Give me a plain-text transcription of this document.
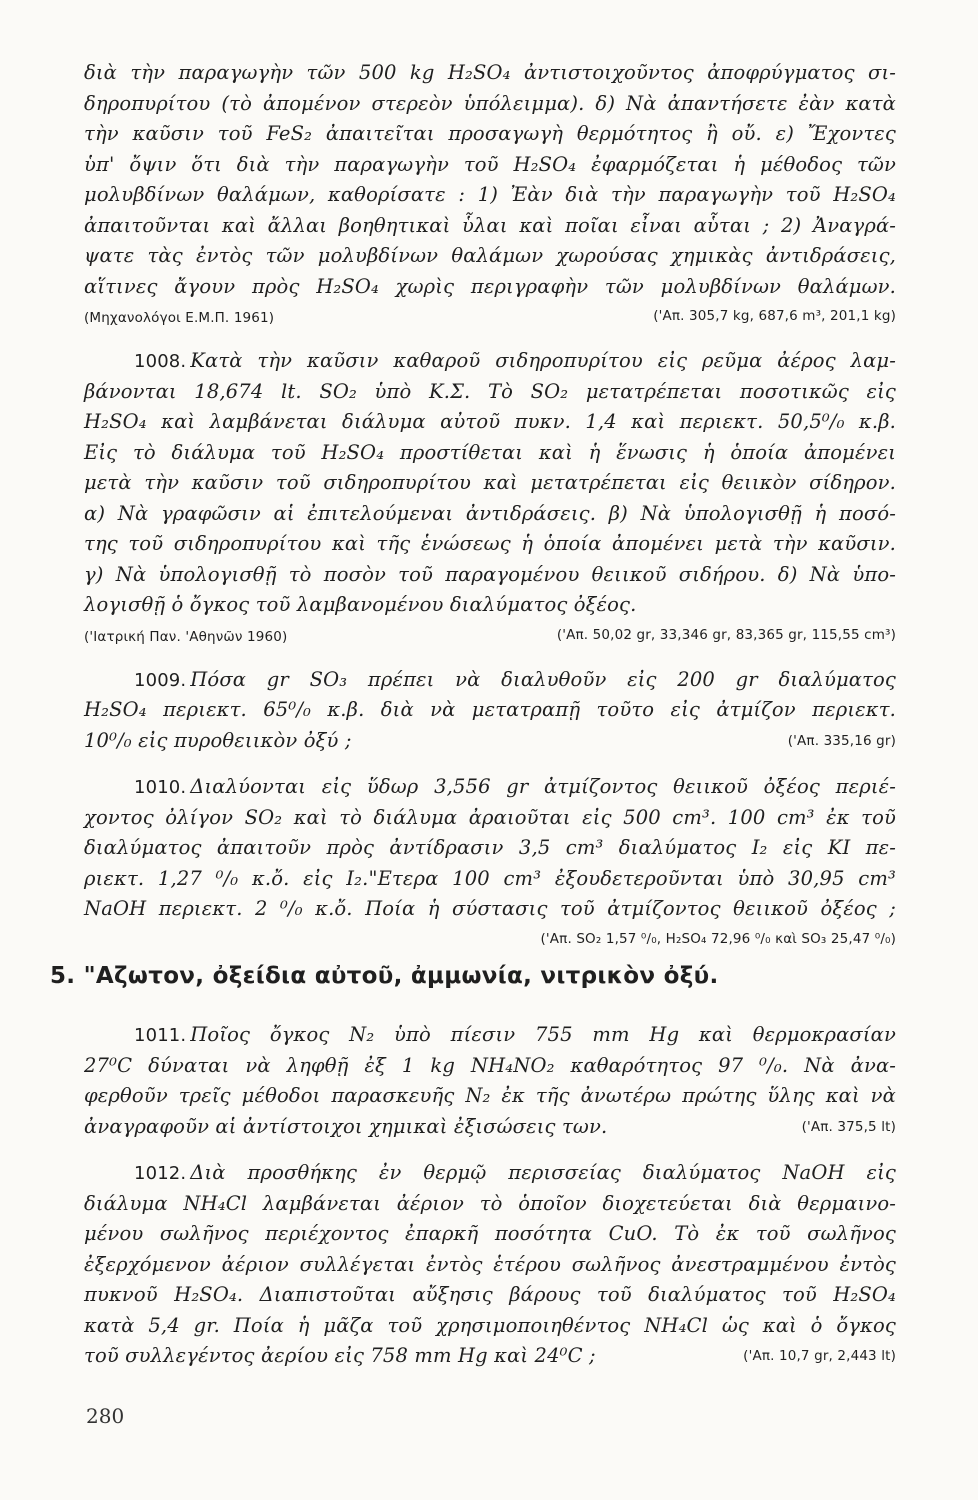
διὰ τὴν παραγωγὴν τῶν 500 kg H₂SO₄ ἀντιστοιχοῦντος ἀποφρύγματος σι-
δηροπυρίτου (τὸ ἀπομένον στερεὸν ὑπόλειμμα). δ) Νὰ ἀπαντήσετε ἐὰν κατὰ
τὴν καῦσιν τοῦ FeS₂ ἀπαιτεῖται προσαγωγὴ θερμότητος ἢ οὔ. ε) Ἔχοντες
ὑπ' ὄψιν ὅτι διὰ τὴν παραγωγὴν τοῦ H₂SO₄ ἐφαρμόζεται ἡ μέθοδος τῶν
μολυβδίνων θαλάμων, καθορίσατε : 1) Ἐὰν διὰ τὴν παραγωγὴν τοῦ H₂SO₄
ἀπαιτοῦνται καὶ ἄλλαι βοηθητικαὶ ὗλαι καὶ ποῖαι εἶναι αὗται ; 2) Ἀναγρά-
ψατε τὰς ἐντὸς τῶν μολυβδίνων θαλάμων χωρούσας χημικὰς ἀντιδράσεις,
αἵτινες ἄγουν πρὸς H₂SO₄ χωρὶς περιγραφὴν τῶν μολυβδίνων θαλάμων.
(Μηχανολόγοι Ε.Μ.Π. 1961)	('Απ. 305,7 kg, 687,6 m³, 201,1 kg)
1008. Κατὰ τὴν καῦσιν καθαροῦ σιδηροπυρίτου εἰς ρεῦμα ἀέρος λαμ-
βάνονται 18,674 lt. SO₂ ὑπὸ Κ.Σ. Τὸ SO₂ μετατρέπεται ποσοτικῶς εἰς
H₂SO₄ καὶ λαμβάνεται διάλυμα αὐτοῦ πυκν. 1,4 καὶ περιεκτ. 50,5⁰/₀ κ.β.
Εἰς τὸ διάλυμα τοῦ H₂SO₄ προστίθεται καὶ ἡ ἕνωσις ἡ ὁποία ἀπομένει
μετὰ τὴν καῦσιν τοῦ σιδηροπυρίτου καὶ μετατρέπεται εἰς θειικὸν σίδηρον.
α) Νὰ γραφῶσιν αἱ ἐπιτελούμεναι ἀντιδράσεις. β) Νὰ ὑπολογισθῇ ἡ ποσό-
της τοῦ σιδηροπυρίτου καὶ τῆς ἑνώσεως ἡ ὁποία ἀπομένει μετὰ τὴν καῦσιν.
γ) Νὰ ὑπολογισθῇ τὸ ποσὸν τοῦ παραγομένου θειικοῦ σιδήρου. δ) Νὰ ὑπο-
λογισθῇ ὁ ὄγκος τοῦ λαμβανομένου διαλύματος ὀξέος.
('Ιατρική Παν. 'Αθηνῶν 1960)	('Απ. 50,02 gr, 33,346 gr, 83,365 gr, 115,55 cm³)
1009. Πόσα gr SO₃ πρέπει νὰ διαλυθοῦν εἰς 200 gr διαλύματος
H₂SO₄ περιεκτ. 65⁰/₀ κ.β. διὰ νὰ μετατραπῇ τοῦτο εἰς ἀτμίζον περιεκτ.
10⁰/₀ εἰς πυροθειικὸν ὀξύ ;	('Απ. 335,16 gr)
1010. Διαλύονται εἰς ὕδωρ 3,556 gr ἀτμίζοντος θειικοῦ ὀξέος περιέ-
χοντος ὀλίγον SO₂ καὶ τὸ διάλυμα ἀραιοῦται εἰς 500 cm³. 100 cm³ ἐκ τοῦ
διαλύματος ἀπαιτοῦν πρὸς ἀντίδρασιν 3,5 cm³ διαλύματος I₂ εἰς KI πε-
ριεκτ. 1,27 ⁰/₀ κ.ὄ. εἰς I₂."Ετερα 100 cm³ ἐξουδετεροῦνται ὑπὸ 30,95 cm³
NaOH περιεκτ. 2 ⁰/₀ κ.ὄ. Ποία ἡ σύστασις τοῦ ἀτμίζοντος θειικοῦ ὀξέος ;
('Απ. SO₂ 1,57 ⁰/₀, H₂SO₄ 72,96 ⁰/₀ καὶ SO₃ 25,47 ⁰/₀)
5. "Αζωτον, ὀξείδια αὐτοῦ, ἀμμωνία, νιτρικὸν ὀξύ.
1011. Ποῖος ὄγκος N₂ ὑπὸ πίεσιν 755 mm Hg καὶ θερμοκρασίαν
27⁰C δύναται νὰ ληφθῇ ἐξ 1 kg NH₄NO₂ καθαρότητος 97 ⁰/₀. Νὰ ἀνα-
φερθοῦν τρεῖς μέθοδοι παρασκευῆς N₂ ἐκ τῆς ἀνωτέρω πρώτης ὕλης καὶ νὰ
ἀναγραφοῦν αἱ ἀντίστοιχοι χημικαὶ ἐξισώσεις των.	('Απ. 375,5 lt)
1012. Διὰ προσθήκης ἐν θερμῷ περισσείας διαλύματος NaOH εἰς
διάλυμα NH₄Cl λαμβάνεται ἀέριον τὸ ὁποῖον διοχετεύεται διὰ θερμαινο-
μένου σωλῆνος περιέχοντος ἐπαρκῆ ποσότητα CuO. Τὸ ἐκ τοῦ σωλῆνος
ἐξερχόμενον ἀέριον συλλέγεται ἐντὸς ἑτέρου σωλῆνος ἀνεστραμμένου ἐντὸς
πυκνοῦ H₂SO₄. Διαπιστοῦται αὔξησις βάρους τοῦ διαλύματος τοῦ H₂SO₄
κατὰ 5,4 gr. Ποία ἡ μᾶζα τοῦ χρησιμοποιηθέντος NH₄Cl ὡς καὶ ὁ ὄγκος
τοῦ συλλεγέντος ἀερίου εἰς 758 mm Hg καὶ 24⁰C ;	('Απ. 10,7 gr, 2,443 lt)
280
